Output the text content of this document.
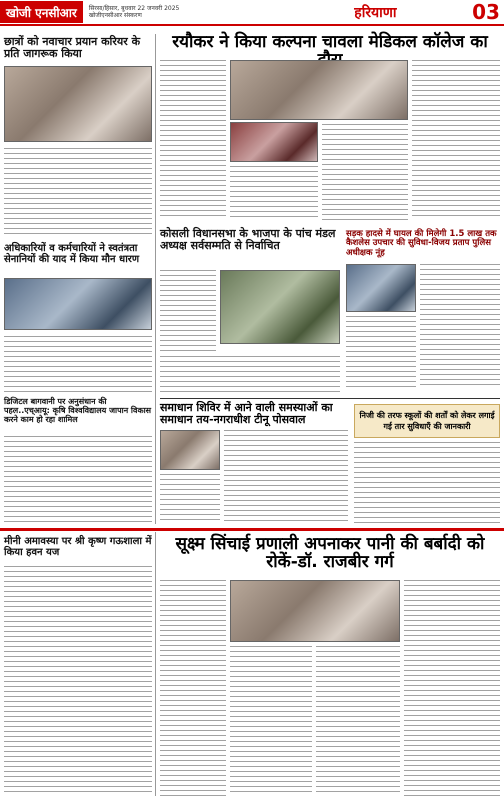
खोजी एनसीआर	सिरसा/हिसार, बुधवार 22 जनवरी 2025
खोजीएनसीआर संस्करण	हरियाणा	03
छात्रों को नवाचार प्रयान करियर के प्रति जागरूक किया
अधिकारियों व कर्मचारियों ने स्वतंत्रता सेनानियों की याद में किया मौन धारण
डिजिटल बागवानी पर अनुसंधान की पहल..एच्आयू: कृषि विश्वविद्यालय जापान विकास करने काम हो रहा शामिल
रयौकर ने किया कल्पना चावला मेडिकल कॉलेज का
कोसली विधानसभा के भाजपा के पांच मंडल अध्यक्ष सर्वसम्मति से निर्वाचित
सड़क हादसे में घायल की मिलेगी 1.5 लाख तक कैशलेस उपचार की सुविधा-विजय प्रताप पुलिस अधीक्षक नूंह
समाधान शिविर में आने वाली समस्याओं का समाधान तय-नगराधीश टीनू पोसवाल	निजी की तरफ स्कूलों की शर्तों को लेकर लगाई गई तार सुविधाएँ की जानकारी
सूक्ष्म सिंचाई प्रणाली अपनाकर पानी की बर्बादी को रोकें-डॉ. राजबीर गर्ग
मीनी अमावस्या पर श्री कृष्ण गऊशाला में किया हवन यज
